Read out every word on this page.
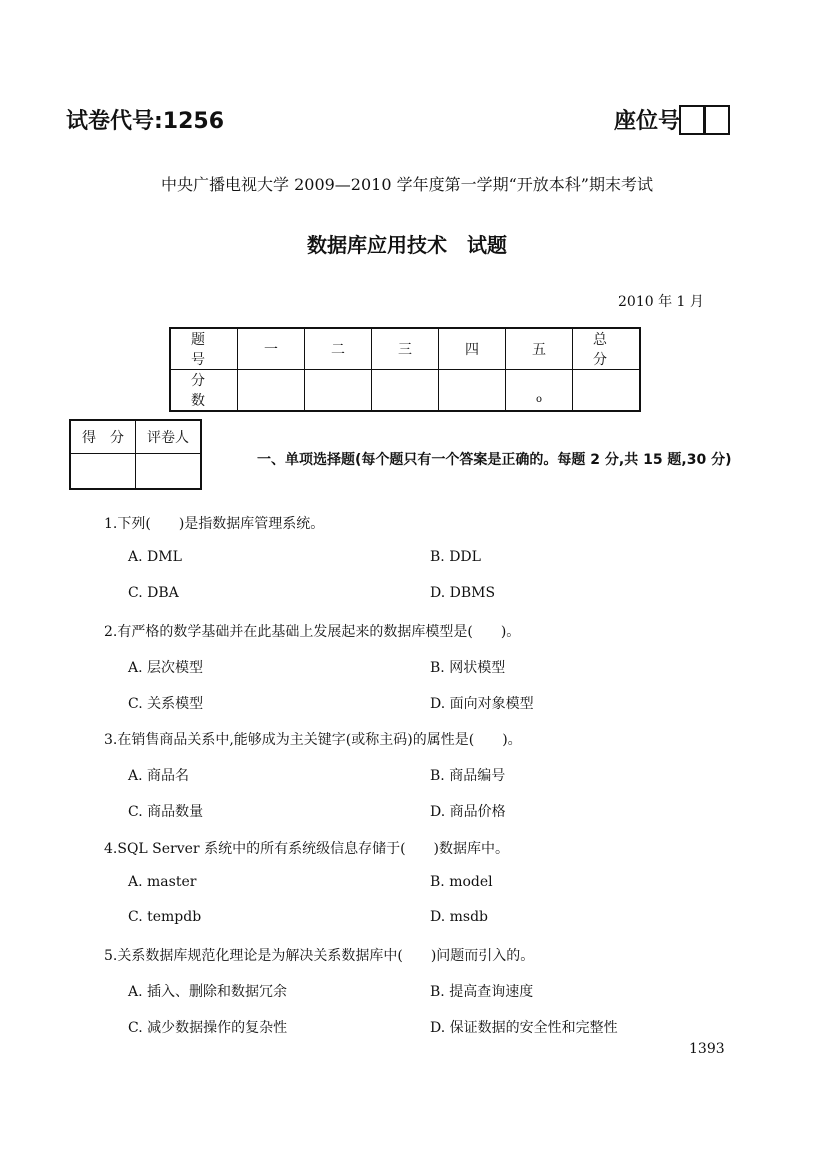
试卷代号:1256	座位号
中央广播电视大学 2009—2010 学年度第一学期“开放本科”期末考试
数据库应用技术　试题
2010 年 1 月
题　号	一	二	三	四	五	总　分
分　数					$_o$	
得　分	评卷人

一、单项选择题(每个题只有一个答案是正确的。每题 2 分,共 15 题,30 分)
1.下列(　　)是指数据库管理系统。
A. DML	B. DDL
C. DBA	D. DBMS
2.有严格的数学基础并在此基础上发展起来的数据库模型是(　　)。
A. 层次模型	B. 网状模型
C. 关系模型	D. 面向对象模型
3.在销售商品关系中,能够成为主关键字(或称主码)的属性是(　　)。
A. 商品名	B. 商品编号
C. 商品数量	D. 商品价格
4.SQL Server 系统中的所有系统级信息存储于(　　)数据库中。
A. master	B. model
C. tempdb	D. msdb
5.关系数据库规范化理论是为解决关系数据库中(　　)问题而引入的。
A. 插入、删除和数据冗余	B. 提高查询速度
C. 减少数据操作的复杂性	D. 保证数据的安全性和完整性
1393
